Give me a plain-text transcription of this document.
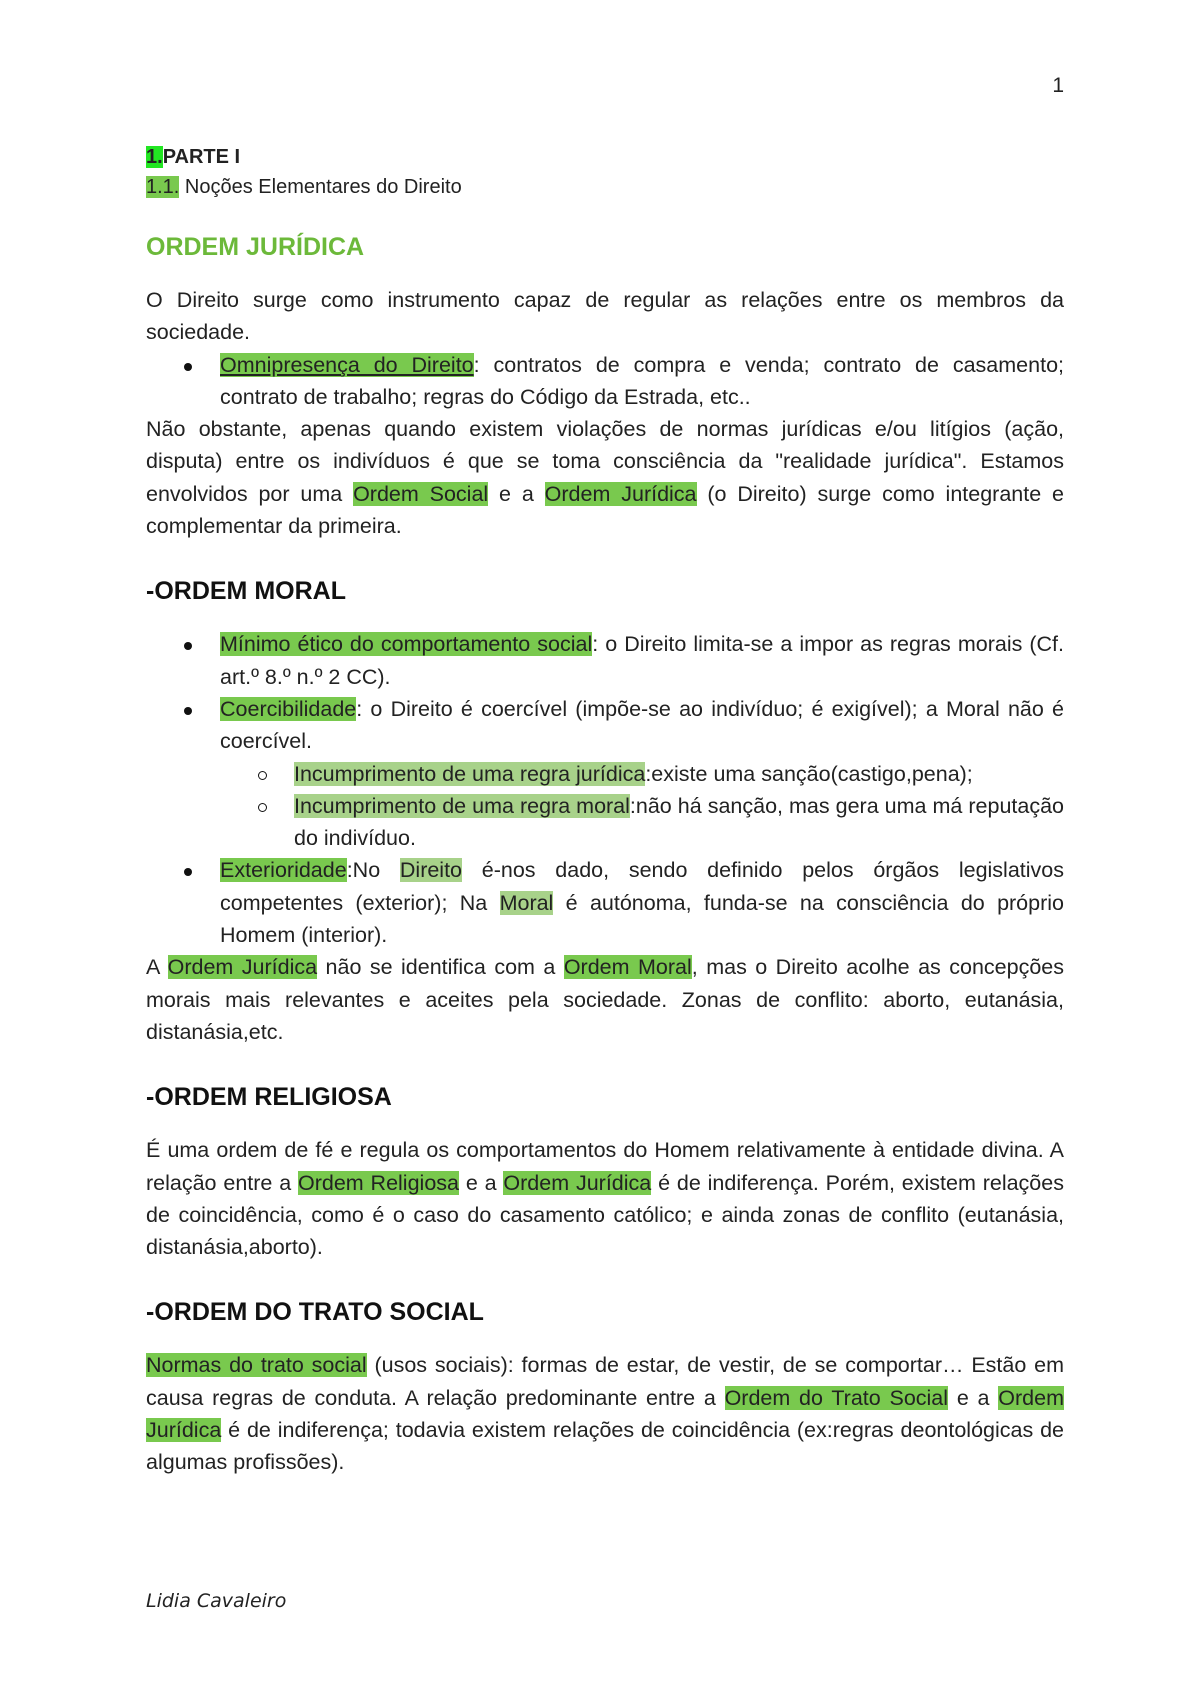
1
1.PARTE I
1.1. Noções Elementares do Direito
ORDEM JURÍDICA

O Direito surge como instrumento capaz de regular as relações entre os membros da sociedade.

Omnipresença do Direito: contratos de compra e venda; contrato de casamento; contrato de trabalho; regras do Código da Estrada, etc..

Não obstante, apenas quando existem violações de normas jurídicas e/ou litígios (ação, disputa) entre os indivíduos é que se toma consciência da "realidade jurídica". Estamos envolvidos por uma Ordem Social e a Ordem Jurídica (o Direito) surge como integrante e complementar da primeira.

-ORDEM MORAL
Mínimo ético do comportamento social: o Direito limita-se a impor as regras morais (Cf. art.º 8.º n.º 2 CC).
Coercibilidade: o Direito é coercível (impõe-se ao indivíduo; é exigível); a Moral não é coercível.
Incumprimento de uma regra jurídica:existe uma sanção(castigo,pena);
Incumprimento de uma regra moral:não há sanção, mas gera uma má reputação do indivíduo.
Exterioridade:No Direito é-nos dado, sendo definido pelos órgãos legislativos competentes (exterior); Na Moral é autónoma, funda-se na consciência do próprio Homem (interior).

A Ordem Jurídica não se identifica com a Ordem Moral, mas o Direito acolhe as concepções morais mais relevantes e aceites pela sociedade. Zonas de conflito: aborto, eutanásia, distanásia,etc.

-ORDEM RELIGIOSA

É uma ordem de fé e regula os comportamentos do Homem relativamente à entidade divina. A relação entre a Ordem Religiosa e a Ordem Jurídica é de indiferença. Porém, existem relações de coincidência, como é o caso do casamento católico; e ainda zonas de conflito (eutanásia, distanásia,aborto).

-ORDEM DO TRATO SOCIAL

Normas do trato social (usos sociais): formas de estar, de vestir, de se comportar… Estão em causa regras de conduta. A relação predominante entre a Ordem do Trato Social e a Ordem Jurídica é de indiferença; todavia existem relações de coincidência (ex:regras deontológicas de algumas profissões).

Lidia Cavaleiro
